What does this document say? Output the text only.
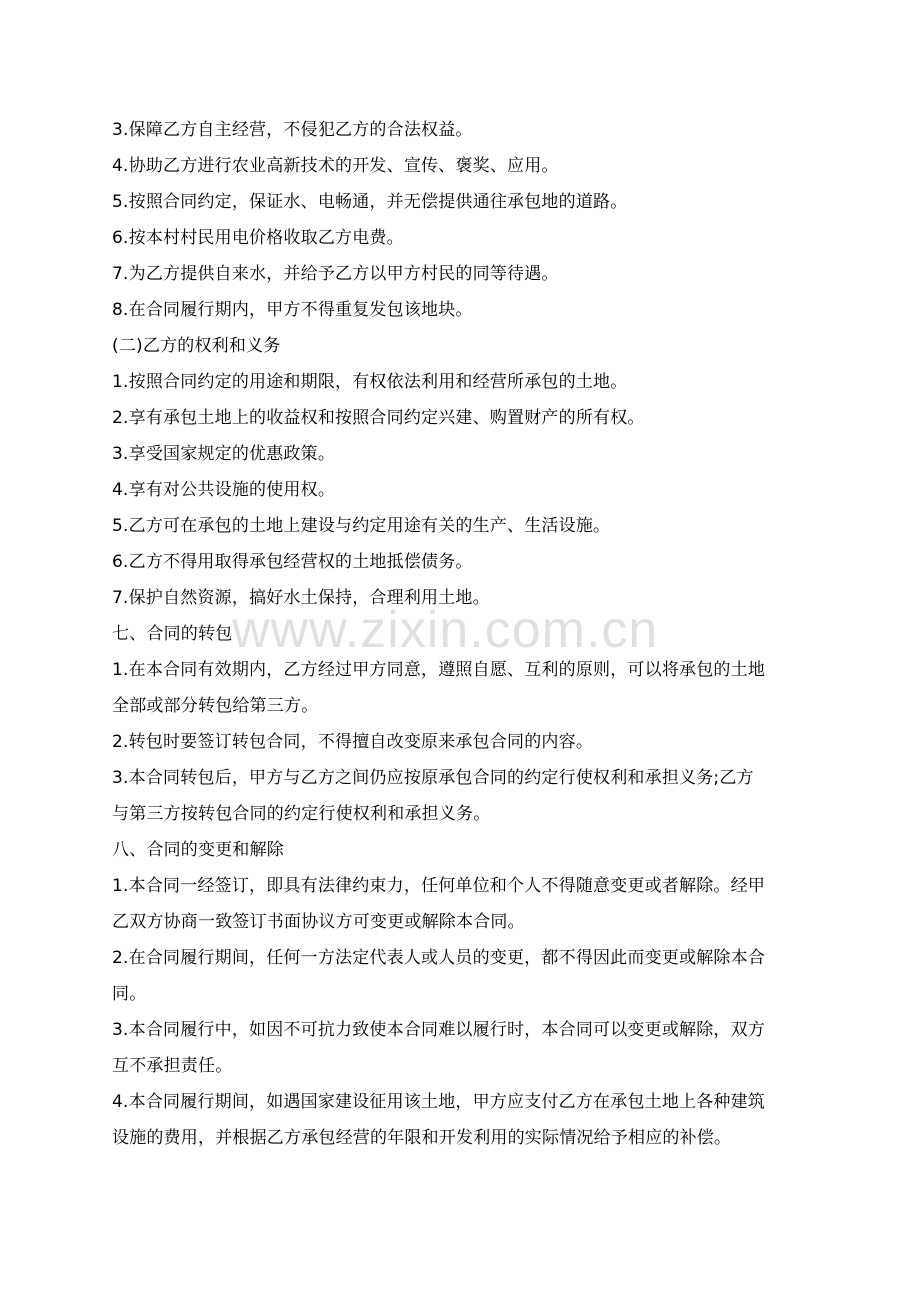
3.保障乙方自主经营，不侵犯乙方的合法权益。
4.协助乙方进行农业高新技术的开发、宣传、褒奖、应用。
5.按照合同约定，保证水、电畅通，并无偿提供通往承包地的道路。
6.按本村村民用电价格收取乙方电费。
7.为乙方提供自来水，并给予乙方以甲方村民的同等待遇。
8.在合同履行期内，甲方不得重复发包该地块。
(二)乙方的权利和义务
1.按照合同约定的用途和期限，有权依法利用和经营所承包的土地。
2.享有承包土地上的收益权和按照合同约定兴建、购置财产的所有权。
3.享受国家规定的优惠政策。
4.享有对公共设施的使用权。
5.乙方可在承包的土地上建设与约定用途有关的生产、生活设施。
6.乙方不得用取得承包经营权的土地抵偿债务。
7.保护自然资源，搞好水土保持，合理利用土地。
七、合同的转包
1.在本合同有效期内，乙方经过甲方同意，遵照自愿、互利的原则，可以将承包的土地
全部或部分转包给第三方。
2.转包时要签订转包合同，不得擅自改变原来承包合同的内容。
3.本合同转包后，甲方与乙方之间仍应按原承包合同的约定行使权利和承担义务;乙方
与第三方按转包合同的约定行使权利和承担义务。
八、合同的变更和解除
1.本合同一经签订，即具有法律约束力，任何单位和个人不得随意变更或者解除。经甲
乙双方协商一致签订书面协议方可变更或解除本合同。
2.在合同履行期间，任何一方法定代表人或人员的变更，都不得因此而变更或解除本合
同。
3.本合同履行中，如因不可抗力致使本合同难以履行时，本合同可以变更或解除，双方
互不承担责任。
4.本合同履行期间，如遇国家建设征用该土地，甲方应支付乙方在承包土地上各种建筑
设施的费用，并根据乙方承包经营的年限和开发利用的实际情况给予相应的补偿。
www.zixin.com.cn
